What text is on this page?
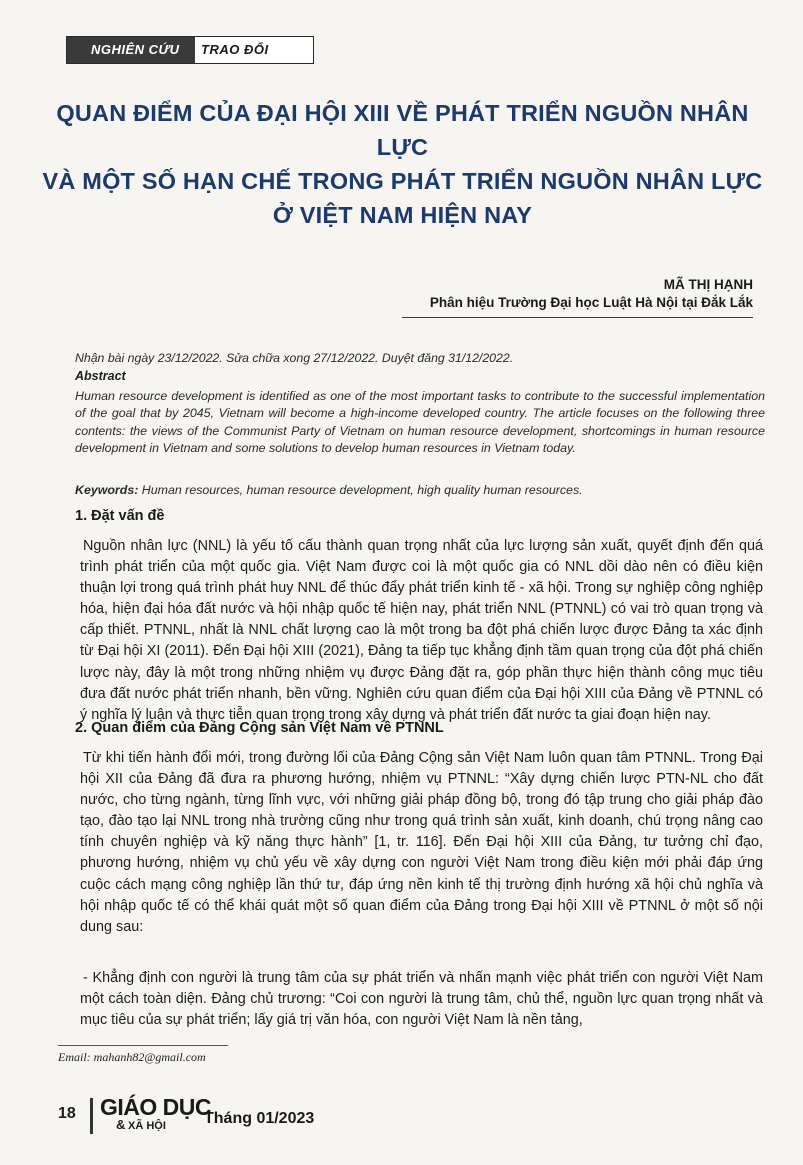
NGHIÊN CỨU	TRAO ĐỔI
QUAN ĐIỂM CỦA ĐẠI HỘI XIII VỀ PHÁT TRIỂN NGUỒN NHÂN LỰC
VÀ MỘT SỐ HẠN CHẾ TRONG PHÁT TRIỂN NGUỒN NHÂN LỰC
Ở VIỆT NAM HIỆN NAY
MÃ THỊ HẠNH
Phân hiệu Trường Đại học Luật Hà Nội tại Đắk Lắk
Nhận bài ngày 23/12/2022. Sửa chữa xong 27/12/2022. Duyệt đăng 31/12/2022.
Abstract
Human resource development is identified as one of the most important tasks to contribute to the successful implementation of the goal that by 2045, Vietnam will become a high-income developed country. The article focuses on the following three contents: the views of the Communist Party of Vietnam on human resource development, shortcomings in human resource development in Vietnam and some solutions to develop human resources in Vietnam today.
Keywords: Human resources, human resource development, high quality human resources.
1. Đặt vấn đề
Nguồn nhân lực (NNL) là yếu tố cấu thành quan trọng nhất của lực lượng sản xuất, quyết định đến quá trình phát triển của một quốc gia. Việt Nam được coi là một quốc gia có NNL dồi dào nên có điều kiện thuận lợi trong quá trình phát huy NNL để thúc đẩy phát triển kinh tế - xã hội. Trong sự nghiệp công nghiệp hóa, hiện đại hóa đất nước và hội nhập quốc tế hiện nay, phát triển NNL (PTNNL) có vai trò quan trọng và cấp thiết. PTNNL, nhất là NNL chất lượng cao là một trong ba đột phá chiến lược được Đảng ta xác định từ Đại hội XI (2011). Đến Đại hội XIII (2021), Đảng ta tiếp tục khẳng định tầm quan trọng của đột phá chiến lược này, đây là một trong những nhiệm vụ được Đảng đặt ra, góp phần thực hiện thành công mục tiêu đưa đất nước phát triển nhanh, bền vững. Nghiên cứu quan điểm của Đại hội XIII của Đảng về PTNNL có ý nghĩa lý luận và thực tiễn quan trọng trong xây dựng và phát triển đất nước ta giai đoạn hiện nay.
2. Quan điểm của Đảng Cộng sản Việt Nam về PTNNL
Từ khi tiến hành đổi mới, trong đường lối của Đảng Cộng sản Việt Nam luôn quan tâm PTNNL. Trong Đại hội XII của Đảng đã đưa ra phương hướng, nhiệm vụ PTNNL: “Xây dựng chiến lược PTN-NL cho đất nước, cho từng ngành, từng lĩnh vực, với những giải pháp đồng bộ, trong đó tập trung cho giải pháp đào tạo, đào tạo lại NNL trong nhà trường cũng như trong quá trình sản xuất, kinh doanh, chú trọng nâng cao tính chuyên nghiệp và kỹ năng thực hành” [1, tr. 116]. Đến Đại hội XIII của Đảng, tư tưởng chỉ đạo, phương hướng, nhiệm vụ chủ yếu về xây dựng con người Việt Nam trong điều kiện mới phải đáp ứng cuộc cách mạng công nghiệp lần thứ tư, đáp ứng nền kinh tế thị trường định hướng xã hội chủ nghĩa và hội nhập quốc tế có thể khái quát một số quan điểm của Đảng trong Đại hội XIII về PTNNL ở một số nội dung sau:
- Khẳng định con người là trung tâm của sự phát triển và nhấn mạnh việc phát triển con người Việt Nam một cách toàn diện. Đảng chủ trương: “Coi con người là trung tâm, chủ thể, nguồn lực quan trọng nhất và mục tiêu của sự phát triển; lấy giá trị văn hóa, con người Việt Nam là nền tảng,
Email: mahanh82@gmail.com
18 GIÁO DỤC
& XÃ HỘI Tháng 01/2023
